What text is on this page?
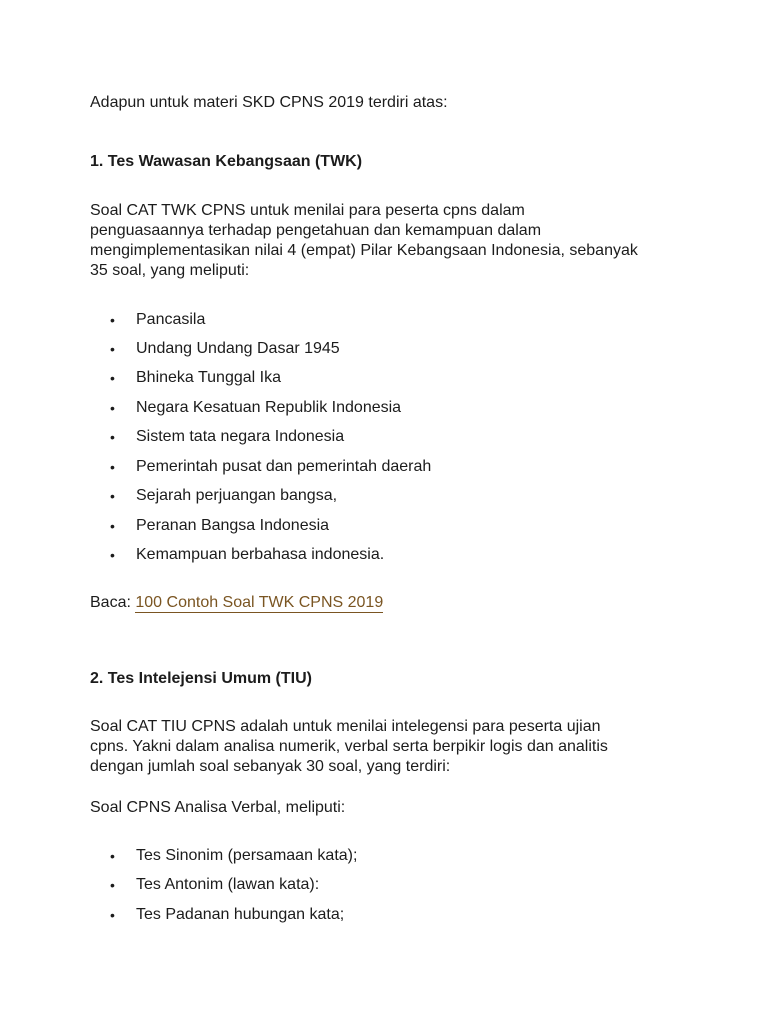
Adapun untuk materi SKD CPNS 2019 terdiri atas:

1. Tes Wawasan Kebangsaan (TWK)

Soal CAT TWK CPNS untuk menilai para peserta cpns dalam
penguasaannya terhadap pengetahuan dan kemampuan dalam
mengimplementasikan nilai 4 (empat) Pilar Kebangsaan Indonesia, sebanyak
35 soal, yang meliputi:

• Pancasila
• Undang Undang Dasar 1945
• Bhineka Tunggal Ika
• Negara Kesatuan Republik Indonesia
• Sistem tata negara Indonesia
• Pemerintah pusat dan pemerintah daerah
• Sejarah perjuangan bangsa,
• Peranan Bangsa Indonesia
• Kemampuan berbahasa indonesia.

Baca: 100 Contoh Soal TWK CPNS 2019

2. Tes Intelejensi Umum (TIU)

Soal CAT TIU CPNS adalah untuk menilai intelegensi para peserta ujian
cpns. Yakni dalam analisa numerik, verbal serta berpikir logis dan analitis
dengan jumlah soal sebanyak 30 soal, yang terdiri:

Soal CPNS Analisa Verbal, meliputi:

• Tes Sinonim (persamaan kata);
• Tes Antonim (lawan kata):
• Tes Padanan hubungan kata;
